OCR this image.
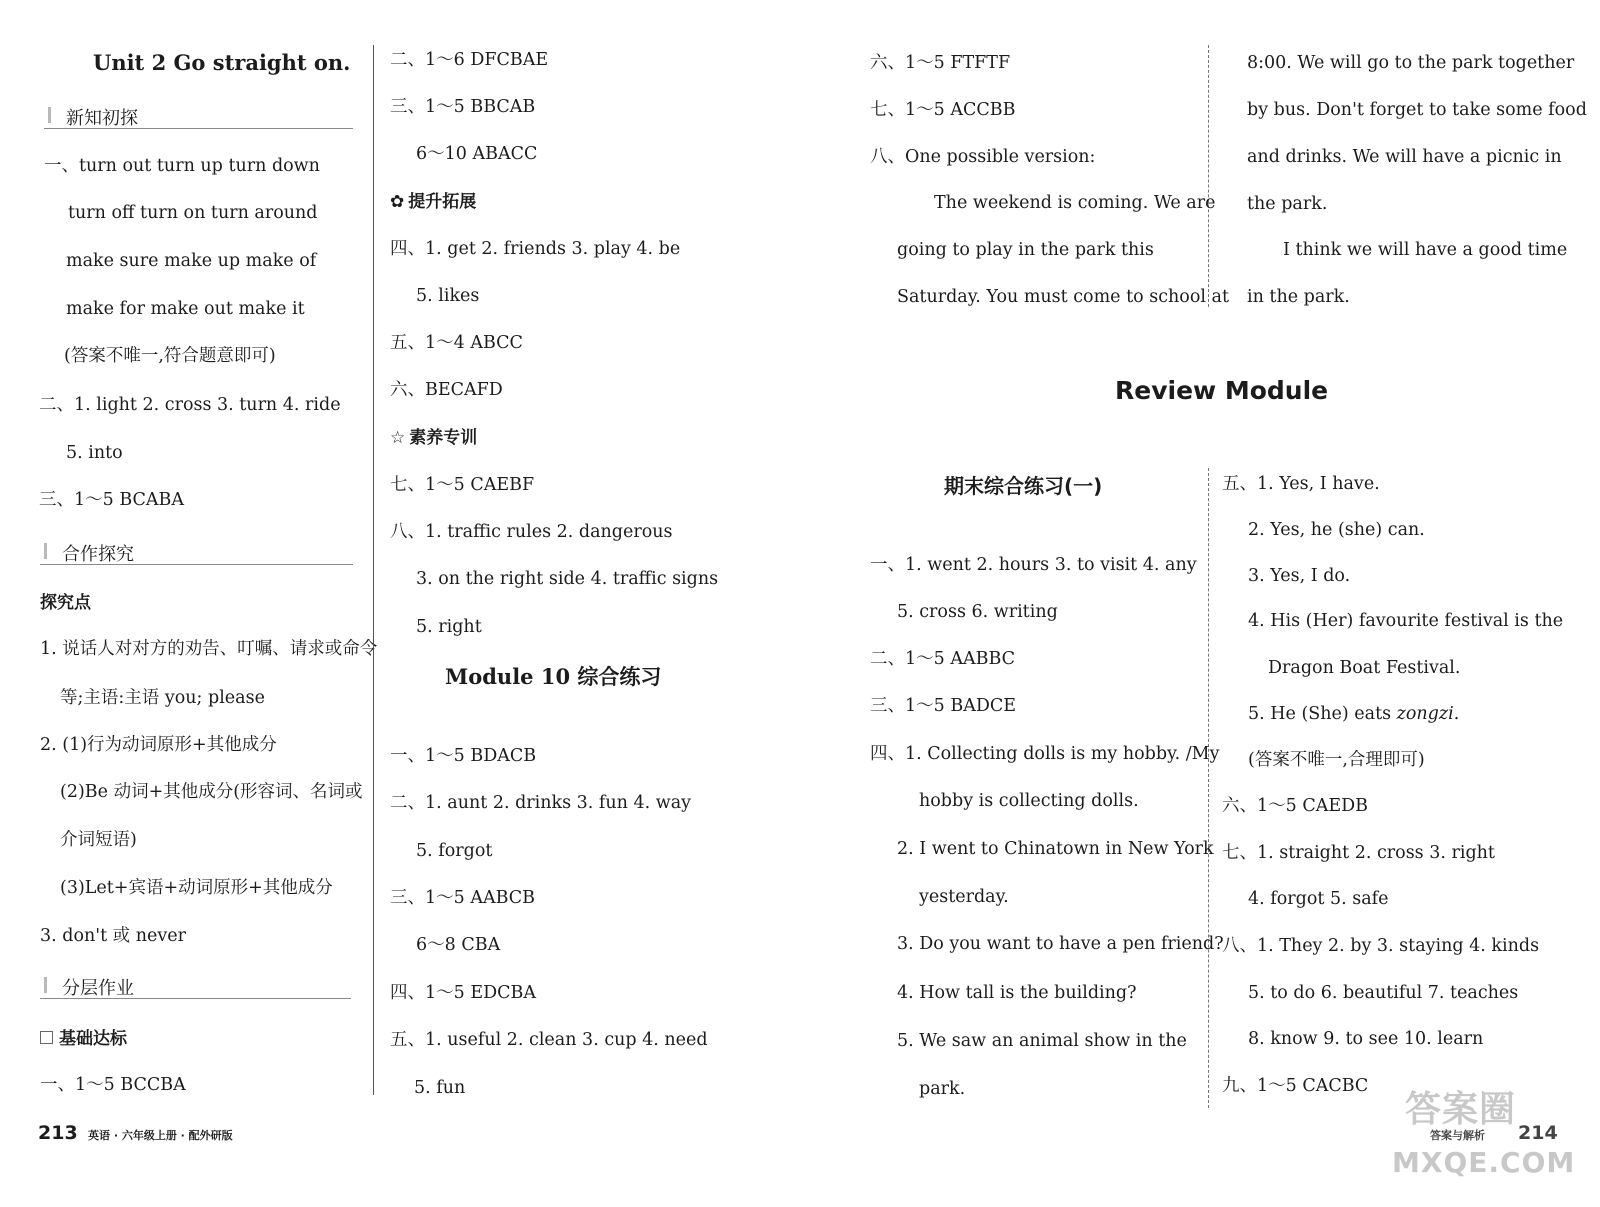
Unit 2 Go straight on.
新知初探
一、turn out turn up turn down
turn off turn on turn around
make sure make up make of
make for make out make it
(答案不唯一,符合题意即可)
二、1. light 2. cross 3. turn 4. ride
5. into
三、1～5 BCABA
合作探究
探究点
1. 说话人对对方的劝告、叮嘱、请求或命令
等;主语:主语 you; please
2. (1)行为动词原形+其他成分
(2)Be 动词+其他成分(形容词、名词或
介词短语)
(3)Let+宾语+动词原形+其他成分
3. don't 或 never
分层作业
基础达标
一、1～5 BCCBA
二、1～6 DFCBAE
三、1～5 BBCAB
6～10 ABACC
✿ 提升拓展
四、1. get 2. friends 3. play 4. be
5. likes
五、1～4 ABCC
六、BECAFD
☆ 素养专训
七、1～5 CAEBF
八、1. traffic rules 2. dangerous
3. on the right side 4. traffic signs
5. right
Module 10 综合练习
一、1～5 BDACB
二、1. aunt 2. drinks 3. fun 4. way
5. forgot
三、1～5 AABCB
6～8 CBA
四、1～5 EDCBA
五、1. useful 2. clean 3. cup 4. need
5. fun
六、1～5 FTFTF
七、1～5 ACCBB
八、One possible version:
The weekend is coming. We are
going to play in the park this
Saturday. You must come to school at
8:00. We will go to the park together
by bus. Don't forget to take some food
and drinks. We will have a picnic in
the park.
I think we will have a good time
in the park.
Review Module
期末综合练习(一)
一、1. went 2. hours 3. to visit 4. any
5. cross 6. writing
二、1～5 AABBC
三、1～5 BADCE
四、1. Collecting dolls is my hobby. /My
hobby is collecting dolls.
2. I went to Chinatown in New York
yesterday.
3. Do you want to have a pen friend?
4. How tall is the building?
5. We saw an animal show in the
park.
五、1. Yes, I have.
2. Yes, he (she) can.
3. Yes, I do.
4. His (Her) favourite festival is the
Dragon Boat Festival.
5. He (She) eats zongzi.
(答案不唯一,合理即可)
六、1～5 CAEDB
七、1. straight 2. cross 3. right
4. forgot 5. safe
八、1. They 2. by 3. staying 4. kinds
5. to do 6. beautiful 7. teaches
8. know 9. to see 10. learn
九、1～5 CACBC
213 英语 · 六年级上册 · 配外研版	答案与解析 214
答案圈
MXQE.COM
